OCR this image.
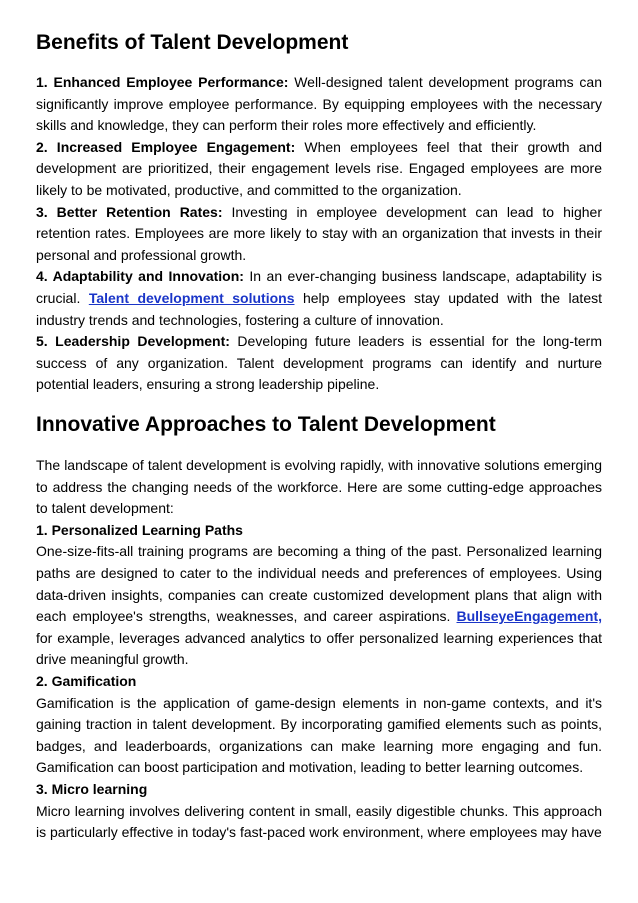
Benefits of Talent Development

1. Enhanced Employee Performance: Well-designed talent development programs can significantly improve employee performance. By equipping employees with the necessary skills and knowledge, they can perform their roles more effectively and efficiently.

2. Increased Employee Engagement: When employees feel that their growth and development are prioritized, their engagement levels rise. Engaged employees are more likely to be motivated, productive, and committed to the organization.

3. Better Retention Rates: Investing in employee development can lead to higher retention rates. Employees are more likely to stay with an organization that invests in their personal and professional growth.

4. Adaptability and Innovation: In an ever-changing business landscape, adaptability is crucial. Talent development solutions help employees stay updated with the latest industry trends and technologies, fostering a culture of innovation.

5. Leadership Development: Developing future leaders is essential for the long-term success of any organization. Talent development programs can identify and nurture potential leaders, ensuring a strong leadership pipeline.

Innovative Approaches to Talent Development

The landscape of talent development is evolving rapidly, with innovative solutions emerging to address the changing needs of the workforce. Here are some cutting-edge approaches to talent development:

1. Personalized Learning Paths

One-size-fits-all training programs are becoming a thing of the past. Personalized learning paths are designed to cater to the individual needs and preferences of employees. Using data-driven insights, companies can create customized development plans that align with each employee's strengths, weaknesses, and career aspirations. BullseyeEngagement, for example, leverages advanced analytics to offer personalized learning experiences that drive meaningful growth.

2. Gamification

Gamification is the application of game-design elements in non-game contexts, and it's gaining traction in talent development. By incorporating gamified elements such as points, badges, and leaderboards, organizations can make learning more engaging and fun. Gamification can boost participation and motivation, leading to better learning outcomes.

3. Micro learning

Micro learning involves delivering content in small, easily digestible chunks. This approach is particularly effective in today's fast-paced work environment, where employees may have
